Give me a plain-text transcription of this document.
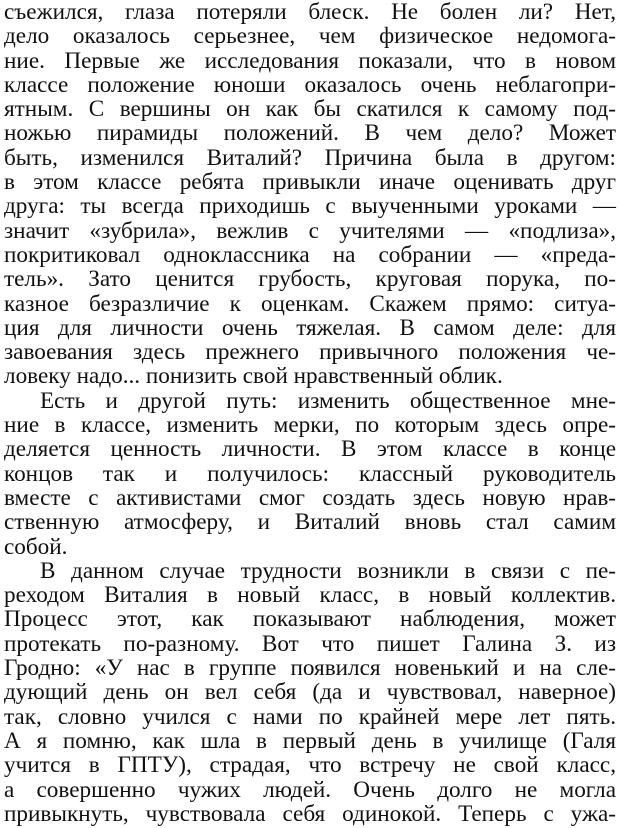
съежился, глаза потеряли блеск. Не болен ли? Нет,
дело оказалось серьезнее, чем физическое недомога-
ние. Первые же исследования показали, что в новом
классе положение юноши оказалось очень неблагопри-
ятным. С вершины он как бы скатился к самому под-
ножью пирамиды положений. В чем дело? Может
быть, изменился Виталий? Причина была в другом:
в этом классе ребята привыкли иначе оценивать друг
друга: ты всегда приходишь с выученными уроками —
значит «зубрила», вежлив с учителями — «подлиза»,
покритиковал одноклассника на собрании — «преда-
тель». Зато ценится грубость, круговая порука, по-
казное безразличие к оценкам. Скажем прямо: ситуа-
ция для личности очень тяжелая. В самом деле: для
завоевания здесь прежнего привычного положения че-
ловеку надо... понизить свой нравственный облик.
Есть и другой путь: изменить общественное мне-
ние в классе, изменить мерки, по которым здесь опре-
деляется ценность личности. В этом классе в конце
концов так и получилось: классный руководитель
вместе с активистами смог создать здесь новую нрав-
ственную атмосферу, и Виталий вновь стал самим
собой.
В данном случае трудности возникли в связи с пе-
реходом Виталия в новый класс, в новый коллектив.
Процесс этот, как показывают наблюдения, может
протекать по-разному. Вот что пишет Галина З. из
Гродно: «У нас в группе появился новенький и на сле-
дующий день он вел себя (да и чувствовал, наверное)
так, словно учился с нами по крайней мере лет пять.
А я помню, как шла в первый день в училище (Галя
учится в ГПТУ), страдая, что встречу не свой класс,
а совершенно чужих людей. Очень долго не могла
привыкнуть, чувствовала себя одинокой. Теперь с ужа-
